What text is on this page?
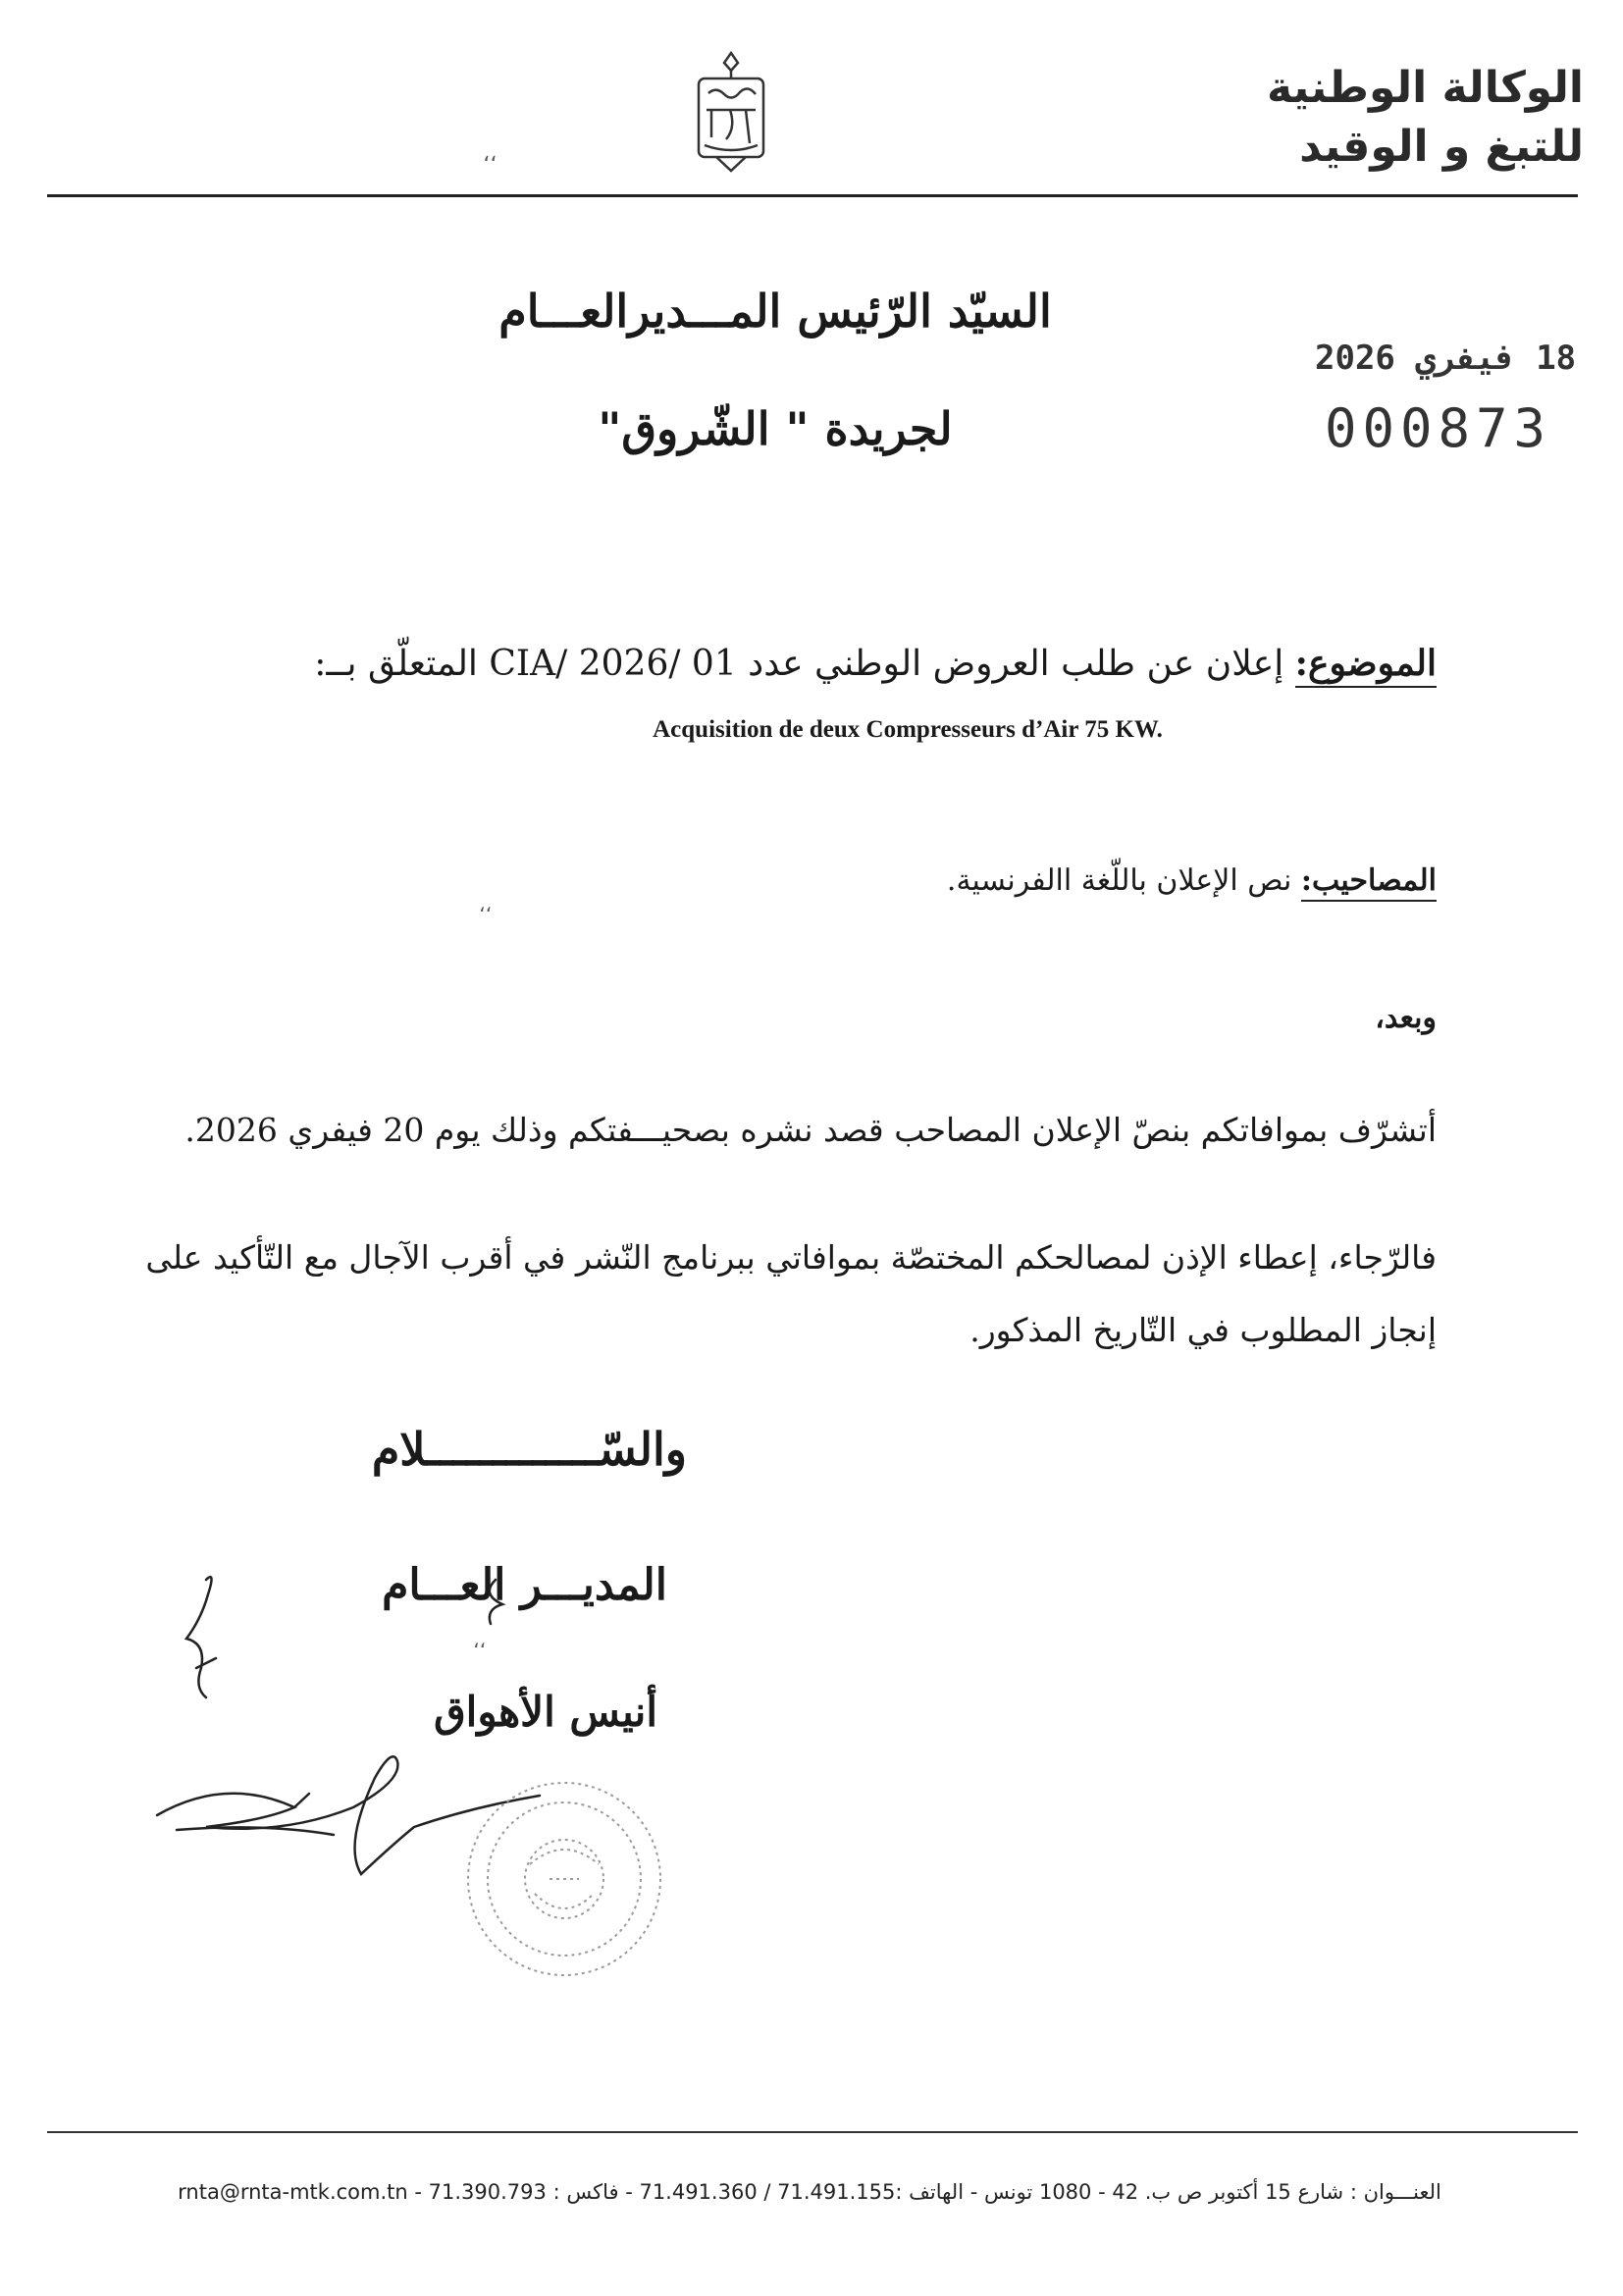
الوكالة الوطنية
للتبغ و الوقيد
،،
السيّد الرّئيس المـــديرالعـــام
لجريدة " الشّروق"
18 فيفري 2026
000873
الموضوع: إعلان عن طلب العروض الوطني عدد 01 /CIA/ 2026 المتعلّق بــ:
Acquisition de deux Compresseurs d’Air 75 KW.
المصاحيب: نص الإعلان باللّغة االفرنسية.
،،
وبعد،
أتشرّف بموافاتكم بنصّ الإعلان المصاحب قصد نشره بصحيـــفتكم وذلك يوم 20 فيفري 2026.
فالرّجاء، إعطاء الإذن لمصالحكم المختصّة بموافاتي ببرنامج النّشر في أقرب الآجال مع التّأكيد على إنجاز المطلوب في التّاريخ المذكور.
والسّـــــــــــــلام
المديـــر العـــام
،،
أنيس الأهواق
العنـــوان : شارع 15 أكتوبر ص ب. 42 - 1080 تونس - الهاتف :71.491.155 / 71.491.360 - فاكس : 71.390.793 - rnta@rnta-mtk.com.tn
